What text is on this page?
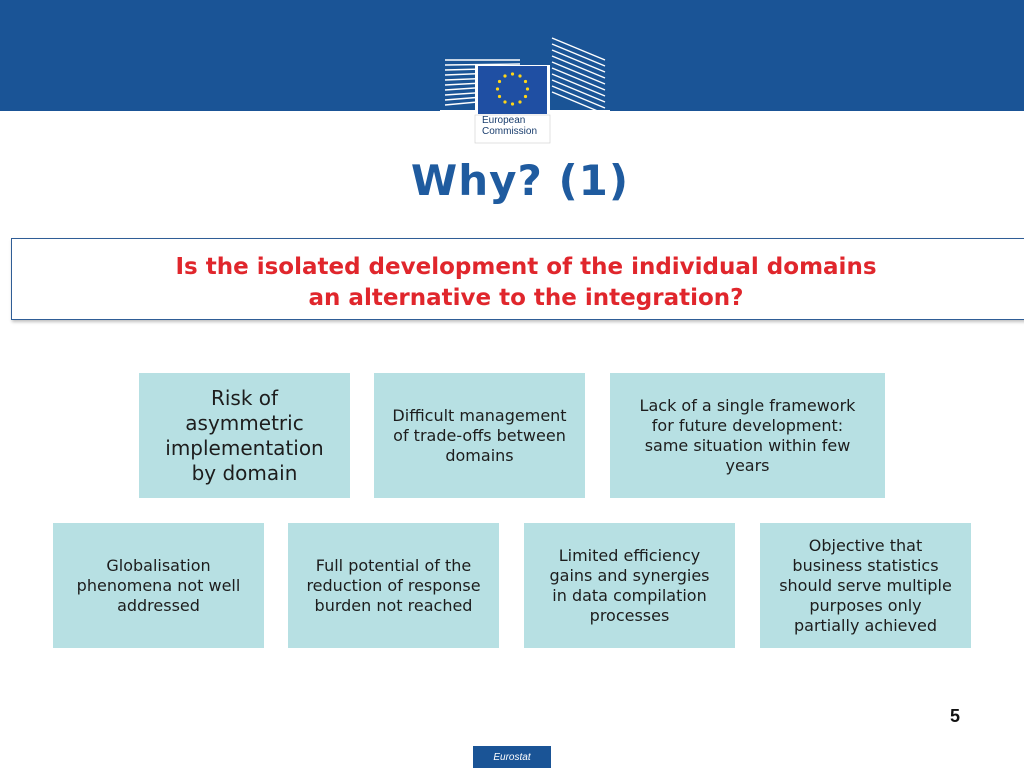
European
Commission
Why? (1)
Is the isolated development of the individual domains
an alternative to the integration?
Risk of
asymmetric
implementation
by domain
Difficult management
of trade-offs between
domains
Lack of a single framework
for future development:
same situation within few
years
Globalisation
phenomena not well
addressed
Full potential of the
reduction of response
burden not reached
Limited efficiency
gains and synergies
in data compilation
processes
Objective that
business statistics
should serve multiple
purposes only
partially achieved
5
Eurostat
